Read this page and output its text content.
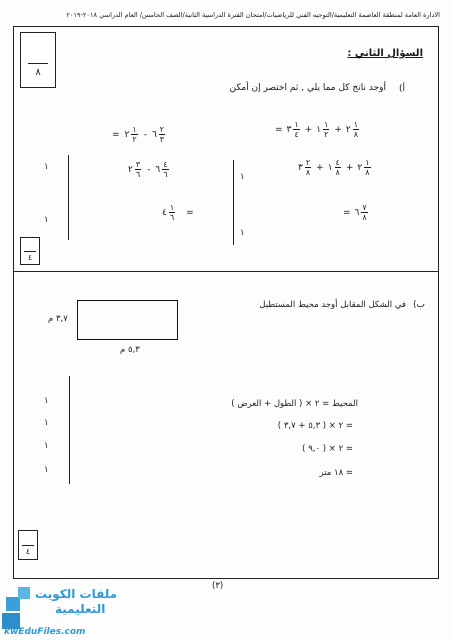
الادارة العامة لمنطقة العاصمة التعليمية/التوجيه الفني للرياضيات/امتحان الفترة الدراسية الثانية/الصف الخامس/ العام الدراسي ٢٠١٨-٢٠١٩
٨
السؤال الثاني :
أ)
أوجد ناتج كل مما يلي , ثم اختصر إن أمكن
= ٣ $\frac{١}{٤}$ + ١ $\frac{١}{٢}$ + ٢ $\frac{١}{٨}$
٣ $\frac{٢}{٨}$ + ١ $\frac{٤}{٨}$ + ٢ $\frac{١}{٨}$
= ٦ $\frac{٧}{٨}$
١
١
= ٢ $\frac{١}{٢}$ - ٦ $\frac{٢}{٣}$
٢ $\frac{٣}{٦}$ - ٦ $\frac{٤}{٦}$
٤ $\frac{١}{٦}$ =
١
١
٤
ب)
في الشكل المقابل أوجد محيط المستطيل
٣,٧ م
٥,٣ م
المحيط = ٢ × ( الطول + العرض )
= ٢ × ( ٥,٣ + ٣,٧ )
= ٢ × ( ٩,٠ )
= ١٨ متر
١
١
١
١
٤
(٣)
ملفات الكويت
التعليمية
kwEduFiles.com
